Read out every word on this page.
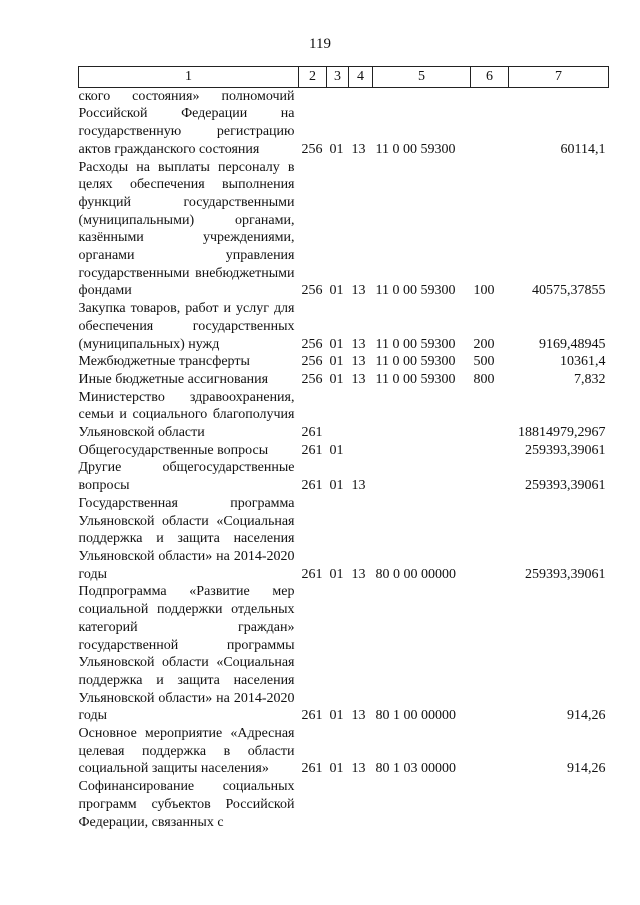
119
1	2	3	4	5	6	7
ского состояния» полномочий Российской Федерации на государственную регистрацию актов гражданского состояния	256	01	13	11 0 00 59300		60114,1
Расходы на выплаты персоналу в целях обеспечения выполнения функций государственными (муниципальными) органами, казёнными учреждениями, органами управления государственными внебюджетными фондами	256	01	13	11 0 00 59300	100	40575,37855
Закупка товаров, работ и услуг для обеспечения государственных (муниципальных) нужд	256	01	13	11 0 00 59300	200	9169,48945
Межбюджетные трансферты	256	01	13	11 0 00 59300	500	10361,4
Иные бюджетные ассигнования	256	01	13	11 0 00 59300	800	7,832
Министерство здравоохранения, семьи и социального благополучия Ульяновской области	261					18814979,2967
Общегосударственные вопросы	261	01				259393,39061
Другие общегосударственные вопросы	261	01	13			259393,39061
Государственная программа Ульяновской области «Социальная поддержка и защита населения Ульяновской области» на 2014-2020 годы	261	01	13	80 0 00 00000		259393,39061
Подпрограмма «Развитие мер социальной поддержки отдельных категорий граждан» государственной программы Ульяновской области «Социальная поддержка и защита населения Ульяновской области» на 2014-2020 годы	261	01	13	80 1 00 00000		914,26
Основное мероприятие «Адресная целевая поддержка в области социальной защиты населения»	261	01	13	80 1 03 00000		914,26
Софинансирование социальных программ субъектов Российской Федерации, связанных с						
